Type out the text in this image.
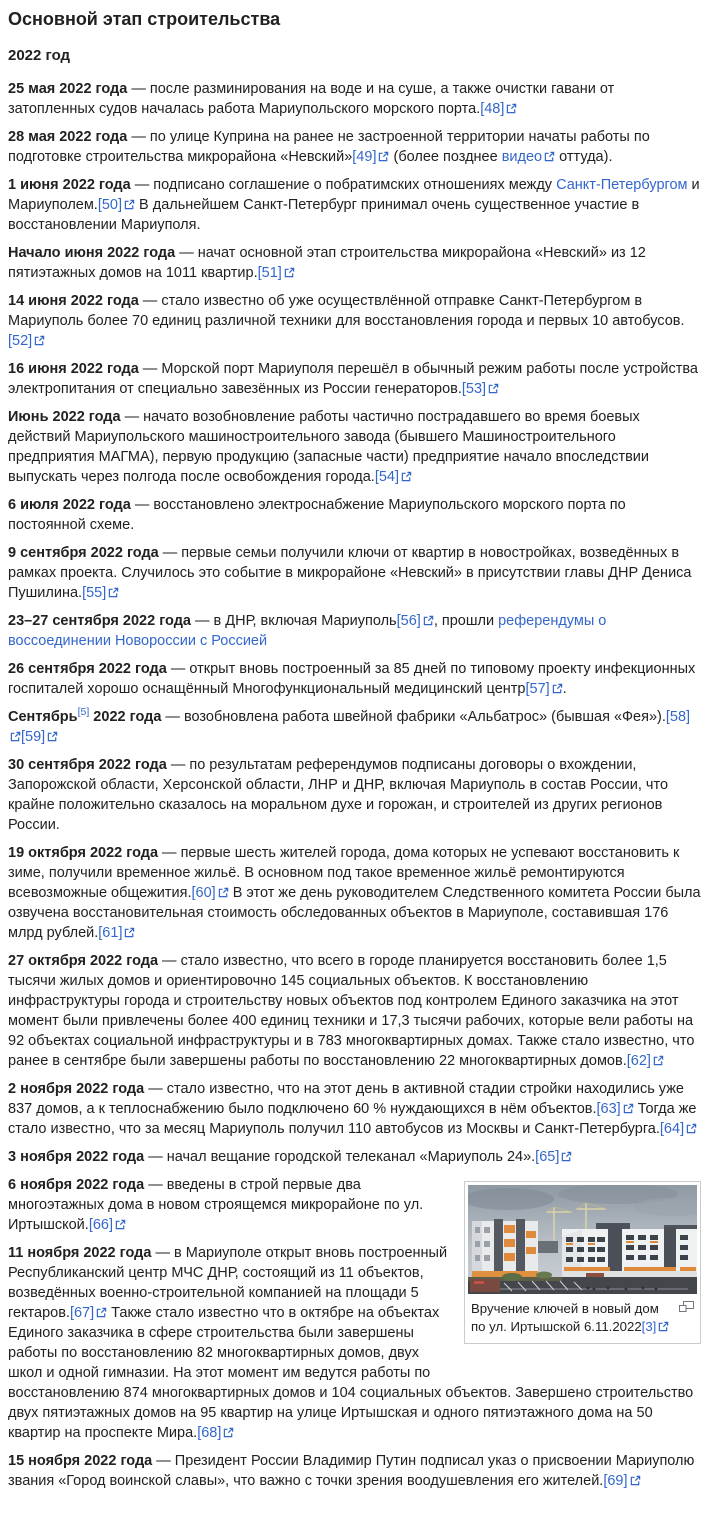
Основной этап строительства
2022 год

25 мая 2022 года — после разминирования на воде и на суше, а также очистки гавани от затопленных судов началась работа Мариупольского морского порта.[48]

28 мая 2022 года — по улице Куприна на ранее не застроенной территории начаты работы по подготовке строительства микрорайона «Невский»[49] (более позднее видео оттуда).

1 июня 2022 года — подписано соглашение о побратимских отношениях между Санкт-Петербургом и Мариуполем.[50] В дальнейшем Санкт-Петербург принимал очень существенное участие в восстановлении Мариуполя.

Начало июня 2022 года — начат основной этап строительства микрорайона «Невский» из 12 пятиэтажных домов на 1011 квартир.[51]

14 июня 2022 года — стало известно об уже осуществлённой отправке Санкт-Петербургом в Мариуполь более 70 единиц различной техники для восстановления города и первых 10 автобусов.[52]

16 июня 2022 года — Морской порт Мариуполя перешёл в обычный режим работы после устройства электропитания от специально завезённых из России генераторов.[53]

Июнь 2022 года — начато возобновление работы частично пострадавшего во время боевых действий Мариупольского машиностроительного завода (бывшего Машиностроительного предприятия МАГМА), первую продукцию (запасные части) предприятие начало впоследствии выпускать через полгода после освобождения города.[54]

6 июля 2022 года — восстановлено электроснабжение Мариупольского морского порта по постоянной схеме.

9 сентября 2022 года — первые семьи получили ключи от квартир в новостройках, возведённых в рамках проекта. Случилось это событие в микрорайоне «Невский» в присутствии главы ДНР Дениса Пушилина.[55]

23–27 сентября 2022 года — в ДНР, включая Мариуполь[56] , прошли референдумы о воссоединении Новороссии с Россией

26 сентября 2022 года — открыт вновь построенный за 85 дней по типовому проекту инфекционных госпиталей хорошо оснащённый Многофункциональный медицинский центр[57] .

Сентябрь[5] 2022 года — возобновлена работа швейной фабрики «Альбатрос» (бывшая «Фея»).[58][59]

30 сентября 2022 года — по результатам референдумов подписаны договоры о вхождении, Запорожской области, Херсонской области, ЛНР и ДНР, включая Мариуполь в состав России, что крайне положительно сказалось на моральном духе и горожан, и строителей из других регионов России.

19 октября 2022 года — первые шесть жителей города, дома которых не успевают восстановить к зиме, получили временное жильё. В основном под такое временное жильё ремонтируются всевозможные общежития.[60] В этот же день руководителем Следственного комитета России была озвучена восстановительная стоимость обследованных объектов в Мариуполе, составившая 176 млрд рублей.[61]

27 октября 2022 года — стало известно, что всего в городе планируется восстановить более 1,5 тысячи жилых домов и ориентировочно 145 социальных объектов. К восстановлению инфраструктуры города и строительству новых объектов под контролем Единого заказчика на этот момент были привлечены более 400 единиц техники и 17,3 тысячи рабочих, которые вели работы на 92 объектах социальной инфраструктуры и в 783 многоквартирных домах. Также стало известно, что ранее в сентябре были завершены работы по восстановлению 22 многоквартирных домов.[62]

2 ноября 2022 года — стало известно, что на этот день в активной стадии стройки находились уже 837 домов, а к теплоснабжению было подключено 60 % нуждающихся в нём объектов.[63] Тогда же стало известно, что за месяц Мариуполь получил 110 автобусов из Москвы и Санкт-Петербурга.[64]

3 ноября 2022 года — начал вещание городской телеканал «Мариуполь 24».[65]

Вручение ключей в новый дом по ул. Иртышской 6.11.2022[3]

6 ноября 2022 года — введены в строй первые два многоэтажных дома в новом строящемся микрорайоне по ул. Иртышской.[66]

11 ноября 2022 года — в Мариуполе открыт вновь построенный Республиканский центр МЧС ДНР, состоящий из 11 объектов, возведённых военно-строительной компанией на площади 5 гектаров.[67] Также стало известно что в октябре на объектах Единого заказчика в сфере строительства были завершены работы по восстановлению 82 многоквартирных домов, двух школ и одной гимназии. На этот момент им ведутся работы по восстановлению 874 многоквартирных домов и 104 социальных объектов. Завершено строительство двух пятиэтажных домов на 95 квартир на улице Иртышская и одного пятиэтажного дома на 50 квартир на проспекте Мира.[68]

15 ноября 2022 года — Президент России Владимир Путин подписал указ о присвоении Мариуполю звания «Город воинской славы», что важно с точки зрения воодушевления его жителей.[69]
